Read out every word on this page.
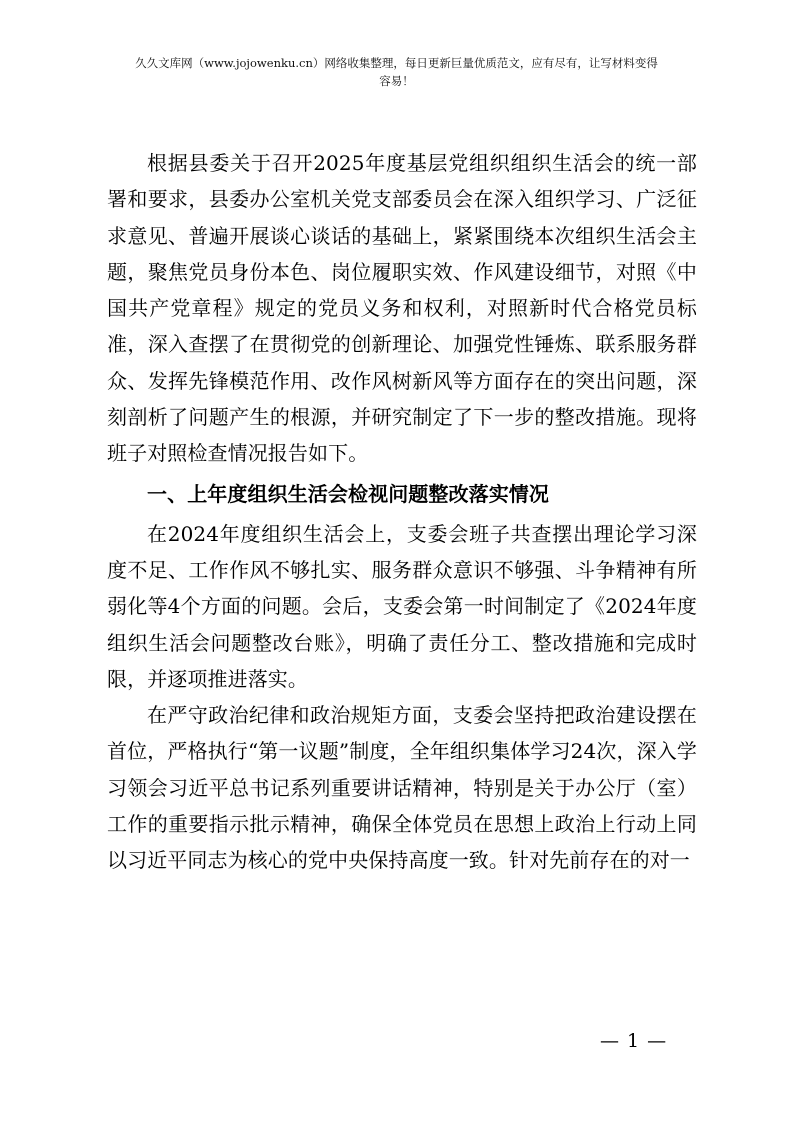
久久文库网（www.jojowenku.cn）网络收集整理，每日更新巨量优质范文，应有尽有，让写材料变得
容易！

根据县委关于召开2025年度基层党组织组织生活会的统一部署和要求，县委办公室机关党支部委员会在深入组织学习、广泛征求意见、普遍开展谈心谈话的基础上，紧紧围绕本次组织生活会主题，聚焦党员身份本色、岗位履职实效、作风建设细节，对照《中国共产党章程》规定的党员义务和权利，对照新时代合格党员标准，深入查摆了在贯彻党的创新理论、加强党性锤炼、联系服务群众、发挥先锋模范作用、改作风树新风等方面存在的突出问题，深刻剖析了问题产生的根源，并研究制定了下一步的整改措施。现将班子对照检查情况报告如下。

一、上年度组织生活会检视问题整改落实情况

在2024年度组织生活会上，支委会班子共查摆出理论学习深度不足、工作作风不够扎实、服务群众意识不够强、斗争精神有所弱化等4个方面的问题。会后，支委会第一时间制定了《2024年度组织生活会问题整改台账》，明确了责任分工、整改措施和完成时限，并逐项推进落实。

在严守政治纪律和政治规矩方面，支委会坚持把政治建设摆在首位，严格执行“第一议题”制度，全年组织集体学习24次，深入学习领会习近平总书记系列重要讲话精神，特别是关于办公厅（室）工作的重要指示批示精神，确保全体党员在思想上政治上行动上同以习近平同志为核心的党中央保持高度一致。针对先前存在的对一

— 1 —
